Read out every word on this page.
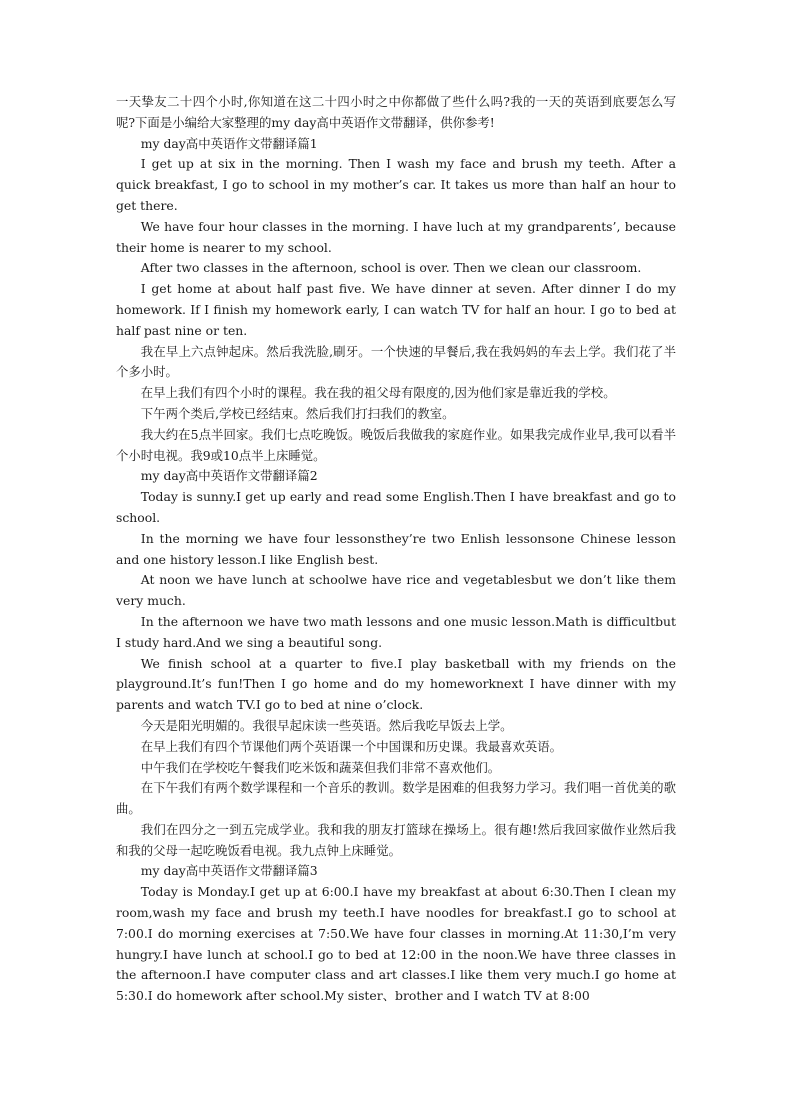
一天挚友二十四个小时,你知道在这二十四小时之中你都做了些什么吗?我的一天的英语到底要怎么写呢?下面是小编给大家整理的my day高中英语作文带翻译，供你参考!

my day高中英语作文带翻译篇1

I get up at six in the morning. Then I wash my face and brush my teeth. After a quick breakfast, I go to school in my mother’s car. It takes us more than half an hour to get there.

We have four hour classes in the morning. I have luch at my grandparents’, because their home is nearer to my school.

After two classes in the afternoon, school is over. Then we clean our classroom.

I get home at about half past five. We have dinner at seven. After dinner I do my homework. If I finish my homework early, I can watch TV for half an hour. I go to bed at half past nine or ten.

我在早上六点钟起床。然后我洗脸,刷牙。一个快速的早餐后,我在我妈妈的车去上学。我们花了半个多小时。

在早上我们有四个小时的课程。我在我的祖父母有限度的,因为他们家是靠近我的学校。

下午两个类后,学校已经结束。然后我们打扫我们的教室。

我大约在5点半回家。我们七点吃晚饭。晚饭后我做我的家庭作业。如果我完成作业早,我可以看半个小时电视。我9或10点半上床睡觉。

my day高中英语作文带翻译篇2

Today is sunny.I get up early and read some English.Then I have breakfast and go to school.

In the morning we have four lessonsthey’re two Enlish lessonsone Chinese lesson and one history lesson.I like English best.

At noon we have lunch at schoolwe have rice and vegetablesbut we don’t like them very much.

In the afternoon we have two math lessons and one music lesson.Math is difficultbut I study hard.And we sing a beautiful song.

We finish school at a quarter to five.I play basketball with my friends on the playground.It’s fun!Then I go home and do my homeworknext I have dinner with my parents and watch TV.I go to bed at nine o’clock.

今天是阳光明媚的。我很早起床读一些英语。然后我吃早饭去上学。

在早上我们有四个节课他们两个英语课一个中国课和历史课。我最喜欢英语。

中午我们在学校吃午餐我们吃米饭和蔬菜但我们非常不喜欢他们。

在下午我们有两个数学课程和一个音乐的教训。数学是困难的但我努力学习。我们唱一首优美的歌曲。

我们在四分之一到五完成学业。我和我的朋友打篮球在操场上。很有趣!然后我回家做作业然后我和我的父母一起吃晚饭看电视。我九点钟上床睡觉。

my day高中英语作文带翻译篇3

Today is Monday.I get up at 6:00.I have my breakfast at about 6:30.Then I clean my room,wash my face and brush my teeth.I have noodles for breakfast.I go to school at 7:00.I do morning exercises at 7:50.We have four classes in morning.At 11:30,I’m very hungry.I have lunch at school.I go to bed at 12:00 in the noon.We have three classes in the afternoon.I have computer class and art classes.I like them very much.I go home at 5:30.I do homework after school.My sister、brother and I watch TV at 8:00
